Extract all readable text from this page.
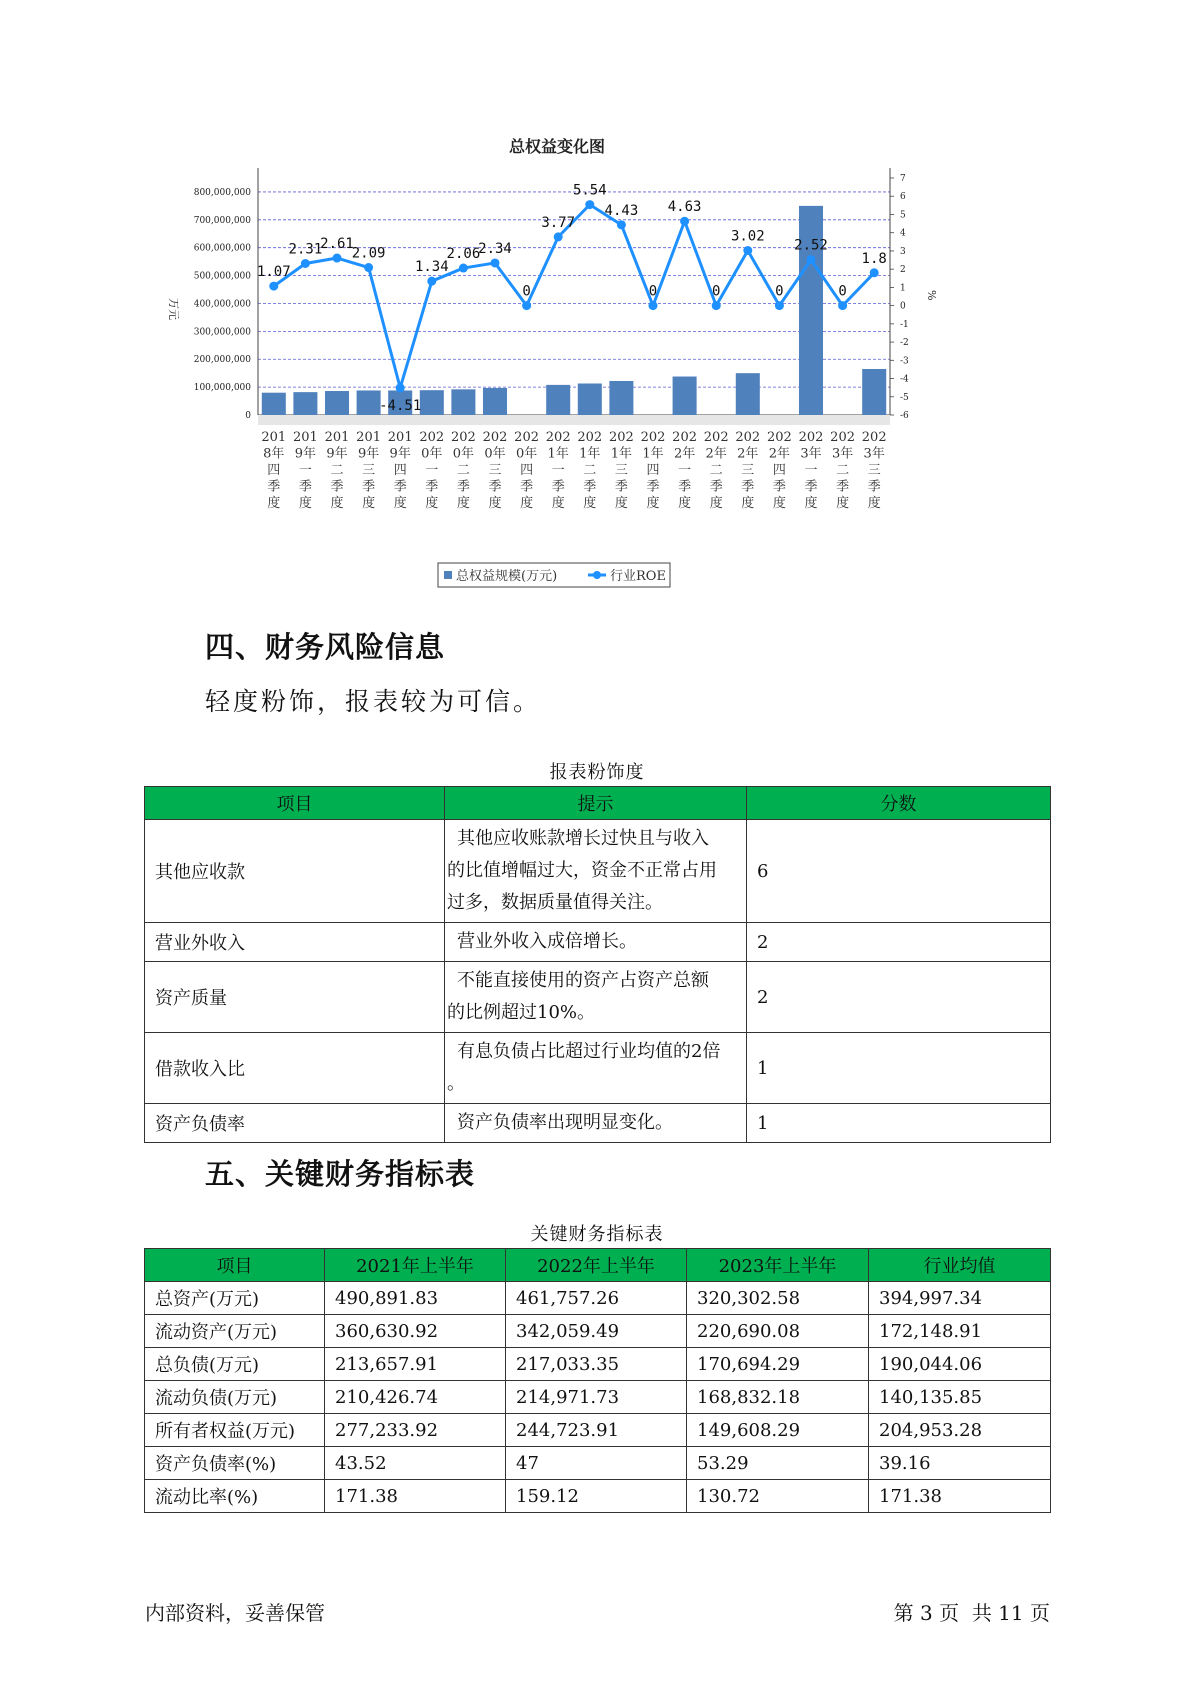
总权益变化图
0
100,000,000
200,000,000
300,000,000
400,000,000
500,000,000
600,000,000
700,000,000
800,000,000
-6
-5
-4
-3
-2
-1
0
1
2
3
4
5
6
7
万元
%
201 8年四季度
201 9年一季度
201 9年二季度
201 9年三季度
201 9年四季度
202 0年一季度
202 0年二季度
202 0年三季度
202 0年四季度
202 1年一季度
202 1年二季度
202 1年三季度
202 1年四季度
202 2年一季度
202 2年二季度
202 2年三季度
202 2年四季度
202 3年一季度
202 3年二季度
202 3年三季度
1.07
2.31
2.61
2.09
-4.51
1.34
2.06
2.34
0
3.77
5.54
4.43
0
4.63
0
3.02
0
2.52
0
1.8
总权益规模(万元)	行业ROE
四、财务风险信息
轻度粉饰，报表较为可信。
报表粉饰度
项目	提示	分数
其他应收款	其他应收账款增长过快且与收入
的比值增幅过大，资金不正常占用
过多，数据质量值得关注。	6
营业外收入	营业外收入成倍增长。	2
资产质量	不能直接使用的资产占资产总额
的比例超过10%。	2
借款收入比	有息负债占比超过行业均值的2倍
。	1
资产负债率	资产负债率出现明显变化。	1
五、关键财务指标表
关键财务指标表
项目	2021年上半年	2022年上半年	2023年上半年	行业均值
总资产(万元)	490,891.83	461,757.26	320,302.58	394,997.34
流动资产(万元)	360,630.92	342,059.49	220,690.08	172,148.91
总负债(万元)	213,657.91	217,033.35	170,694.29	190,044.06
流动负债(万元)	210,426.74	214,971.73	168,832.18	140,135.85
所有者权益(万元)	277,233.92	244,723.91	149,608.29	204,953.28
资产负债率(%)	43.52	47	53.29	39.16
流动比率(%)	171.38	159.12	130.72	171.38
内部资料，妥善保管	第 3 页  共 11 页
